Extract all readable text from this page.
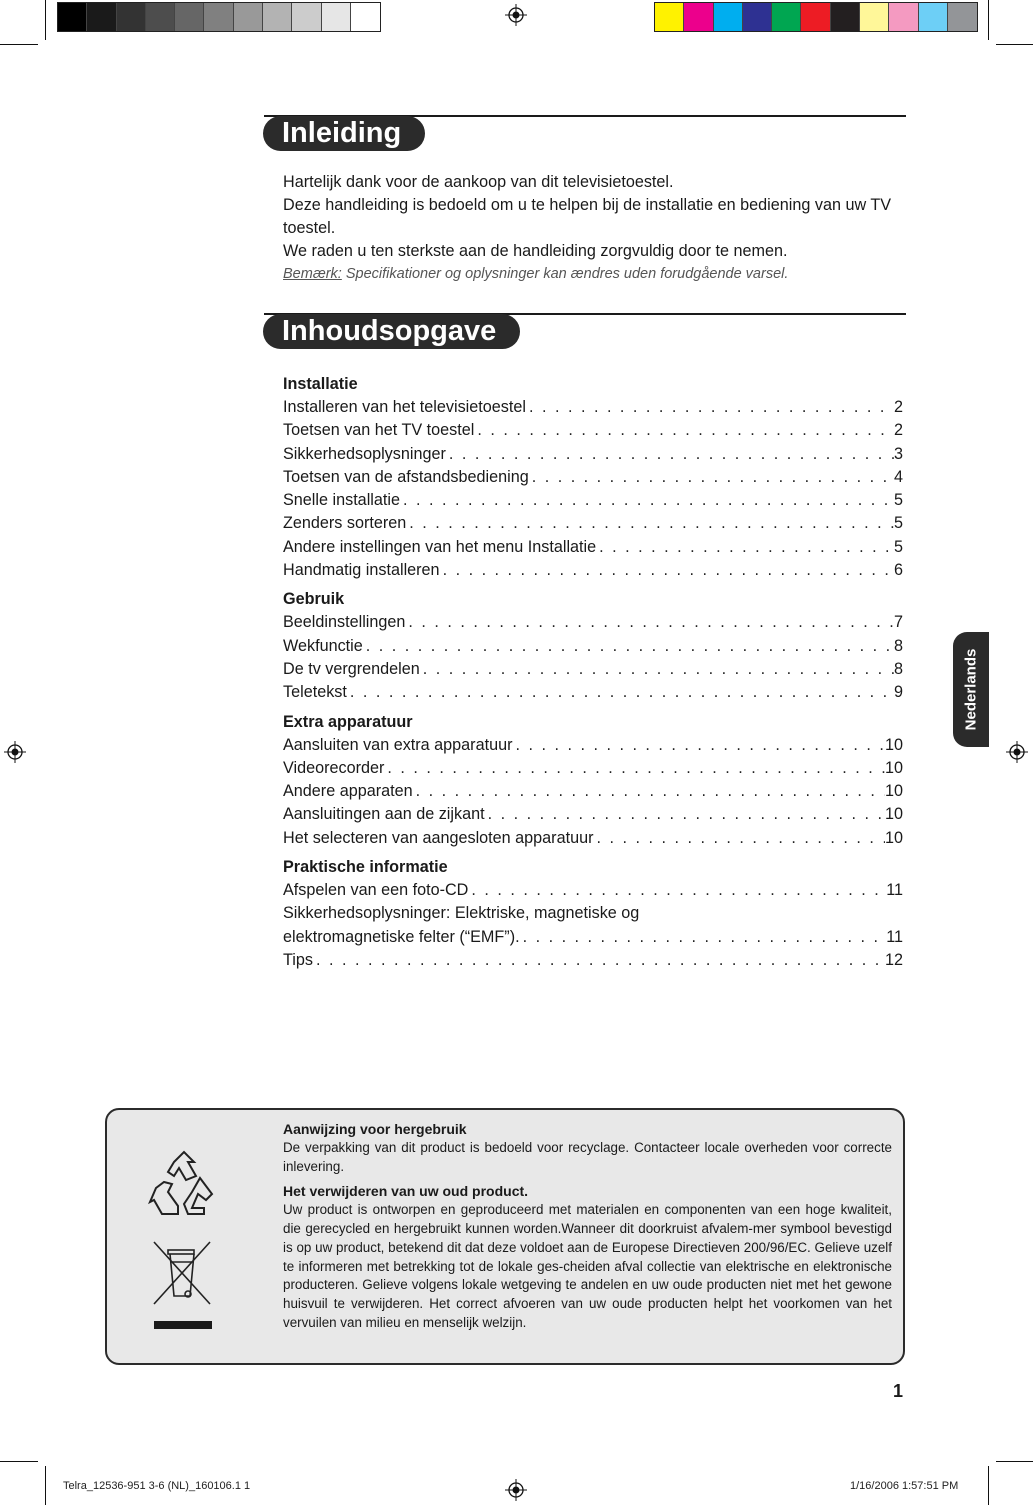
Inleiding
Hartelijk dank voor de aankoop van dit televisietoestel.
Deze handleiding is bedoeld om u te helpen bij de installatie en bediening van uw TV toestel.
We raden u ten sterkste aan de handleiding zorgvuldig door te nemen.
Bemærk: Specifikationer og oplysninger kan ændres uden forudgående varsel.
Inhoudsopgave
Installatie
Installeren van het televisietoestel . . .	2
Toetsen van het TV toestel . . .	2
Sikkerhedsoplysninger . . .	3
Toetsen van de afstandsbediening . . .	4
Snelle installatie . . .	5
Zenders sorteren . . .	5
Andere instellingen van het menu Installatie . . .	5
Handmatig installeren . . .	6
Gebruik
Beeldinstellingen . . .	7
Wekfunctie . . .	8
De tv vergrendelen . . .	8
Teletekst . . .	9
Extra apparatuur
Aansluiten van extra apparatuur . . .	10
Videorecorder . . .	10
Andere apparaten . . .	10
Aansluitingen aan de zijkant . . .	10
Het selecteren van aangesloten apparatuur . . .	10
Praktische informatie
Afspelen van een foto-CD . . .	11
Sikkerhedsoplysninger: Elektriske, magnetiske og
elektromagnetiske felter (“EMF”). . . .	11
Tips . . .	12
Nederlands

Aanwijzing voor hergebruik

De verpakking van dit product is bedoeld voor recyclage. Contacteer locale overheden voor correcte inlevering.

Het verwijderen van uw oud product.

Uw product is ontworpen en geproduceerd met materialen en componenten van een hoge kwaliteit, die gerecycled en hergebruikt kunnen worden.Wanneer dit doorkruist afvalem-mer symbool bevestigd is op uw product, betekend dit dat deze voldoet aan de Europese Directieven 200/96/EC. Gelieve uzelf te informeren met betrekking tot de lokale ges-cheiden afval collectie van elektrische en elektronische producteren. Gelieve volgens lokale wetgeving te andelen en uw oude producten niet met het gewone huisvuil te verwijderen. Het correct afvoeren van uw oude producten helpt het voorkomen van het vervuilen van milieu en menselijk welzijn.

1
Telra_12536-951 3-6 (NL)_160106.1 1	1/16/2006 1:57:51 PM
